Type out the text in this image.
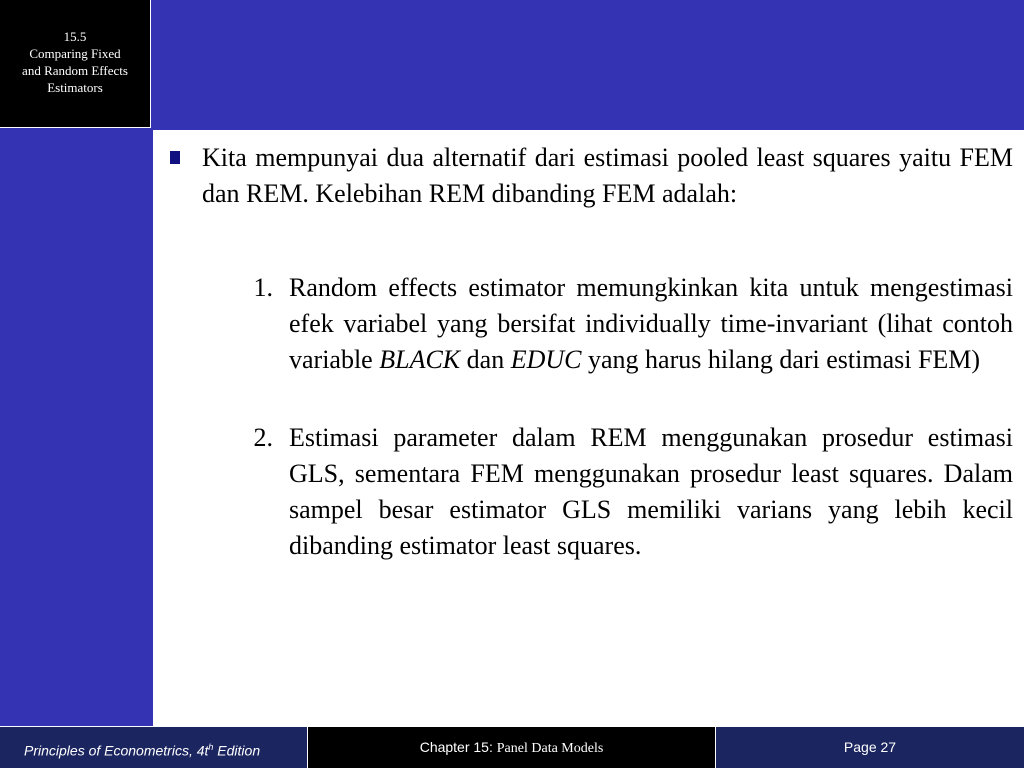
15.5
Comparing Fixed
and Random Effects
Estimators

Kita mempunyai dua alternatif dari estimasi pooled least squares yaitu FEM dan REM. Kelebihan REM dibanding FEM adalah:

1. Random effects estimator memungkinkan kita untuk mengestimasi efek variabel yang bersifat individually time-invariant (lihat contoh variable BLACK dan EDUC yang harus hilang dari estimasi FEM)

2. Estimasi parameter dalam REM menggunakan prosedur estimasi GLS, sementara FEM menggunakan prosedur least squares. Dalam sampel besar estimator GLS memiliki varians yang lebih kecil dibanding estimator least squares.

Principles of Econometrics, $4t^h$ Edition	Chapter 15: Panel Data Models	Page 27
